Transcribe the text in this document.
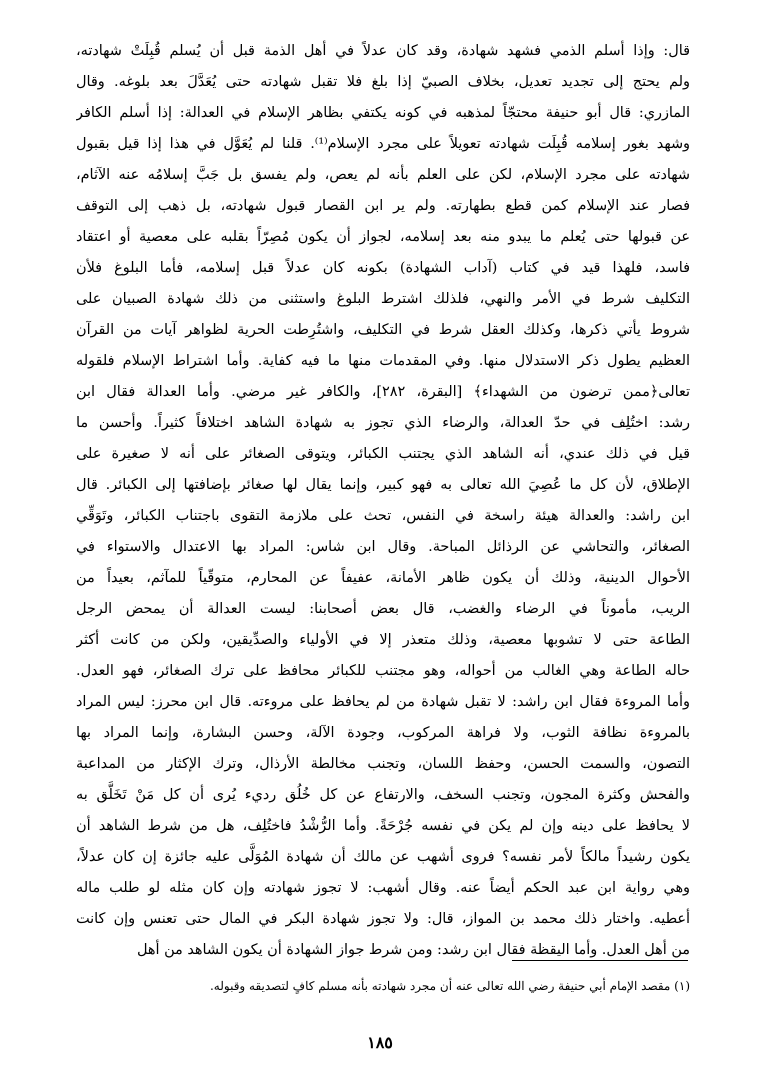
قال: وإذا أسلم الذمي فشهد شهادة، وقد كان عدلاً في أهل الذمة قبل أن يُسلم قُبِلَتْ شهادته،
ولم يحتج إلى تجديد تعديل، بخلاف الصبيّ إذا بلغ فلا تقبل شهادته حتى يُعَدَّلَ بعد بلوغه. وقال
المازري: قال أبو حنيفة محتجّاً لمذهبه في كونه يكتفي بظاهر الإسلام في العدالة: إذا أسلم الكافر
وشهد بغور إسلامه قُبِلَت شهادته تعويلاً على مجرد الإسلام⁽¹⁾. قلنا لم يُعَوَّل في هذا إذا قيل بقبول
شهادته على مجرد الإسلام، لكن على العلم بأنه لم يعص، ولم يفسق بل جَبَّ إسلامُه عنه الآثام،
فصار عند الإسلام كمن قطع بطهارته. ولم ير ابن القصار قبول شهادته، بل ذهب إلى التوقف
عن قبولها حتى يُعلم ما يبدو منه بعد إسلامه، لجواز أن يكون مُصِرّاً بقلبه على معصية أو اعتقاد
فاسد، فلهذا قيد في كتاب (آداب الشهادة) بكونه كان عدلاً قبل إسلامه، فأما البلوغ فلأن
التكليف شرط في الأمر والنهي، فلذلك اشترط البلوغ واستثنى من ذلك شهادة الصبيان على
شروط يأتي ذكرها، وكذلك العقل شرط في التكليف، واشتُرِطت الحرية لظواهر آيات من القرآن
العظيم يطول ذكر الاستدلال منها. وفي المقدمات منها ما فيه كفاية. وأما اشتراط الإسلام فلقوله
تعالى﴿ممن ترضون من الشهداء﴾ [البقرة، ٢٨٢]، والكافر غير مرضي. وأما العدالة فقال ابن
رشد: اختُلِف في حدّ العدالة، والرضاء الذي تجوز به شهادة الشاهد اختلافاً كثيراً. وأحسن ما
قيل في ذلك عندي، أنه الشاهد الذي يجتنب الكبائر، ويتوقى الصغائر على أنه لا صغيرة على
الإطلاق، لأن كل ما عُصِيَ الله تعالى به فهو كبير، وإنما يقال لها صغائر بإضافتها إلى الكبائر. قال
ابن راشد: والعدالة هيئة راسخة في النفس، تحث على ملازمة التقوى باجتناب الكبائر، وتَوَقِّي
الصغائر، والتحاشي عن الرذائل المباحة. وقال ابن شاس: المراد بها الاعتدال والاستواء في
الأحوال الدينية، وذلك أن يكون ظاهر الأمانة، عفيفاً عن المحارم، متوقّياً للمآثم، بعيداً من
الريب، مأموناً في الرضاء والغضب، قال بعض أصحابنا: ليست العدالة أن يمحض الرجل
الطاعة حتى لا تشوبها معصية، وذلك متعذر إلا في الأولياء والصدِّيقين، ولكن من كانت أكثر
حاله الطاعة وهي الغالب من أحواله، وهو مجتنب للكبائر محافظ على ترك الصغائر، فهو العدل.
وأما المروءة فقال ابن راشد: لا تقبل شهادة من لم يحافظ على مروءته. قال ابن محرز: ليس المراد
بالمروءة نظافة الثوب، ولا فراهة المركوب، وجودة الآلة، وحسن البشارة، وإنما المراد بها
التصون، والسمت الحسن، وحفظ اللسان، وتجنب مخالطة الأرذال، وترك الإكثار من المداعبة
والفحش وكثرة المجون، وتجنب السخف، والارتفاع عن كل خُلُق رديء يُرى أن كل مَنْ تَخَلَّق به
لا يحافظ على دينه وإن لم يكن في نفسه جُرْحَةً. وأما الرُّشْدُ فاختُلِف، هل من شرط الشاهد أن
يكون رشيداً مالكاً لأمر نفسه؟ فروى أشهب عن مالك أن شهادة المُوَلَّى عليه جائزة إن كان عدلاً،
وهي رواية ابن عبد الحكم أيضاً عنه. وقال أشهب: لا تجوز شهادته وإن كان مثله لو طلب ماله
أعطيه. واختار ذلك محمد بن المواز، قال: ولا تجوز شهادة البكر في المال حتى تعنس وإن كانت
من أهل العدل. وأما اليقظة فقال ابن رشد: ومن شرط جواز الشهادة أن يكون الشاهد من أهل
(١) مقصد الإمام أبي حنيفة رضي الله تعالى عنه أن مجرد شهادته بأنه مسلم كافٍ لتصديقه وقبوله.
١٨٥
